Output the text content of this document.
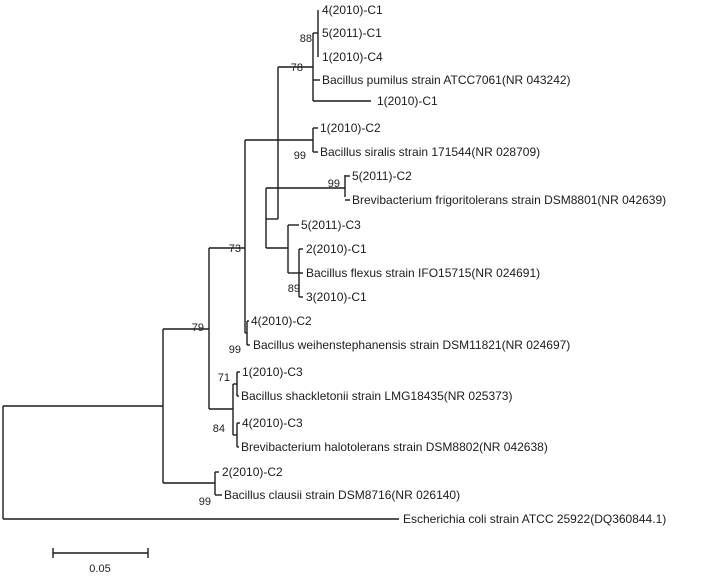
4(2010)-C1
5(2011)-C1
1(2010)-C4
Bacillus pumilus strain ATCC7061(NR 043242)
1(2010)-C1
1(2010)-C2
Bacillus siralis strain 171544(NR 028709)
5(2011)-C2
Brevibacterium frigoritolerans strain DSM8801(NR 042639)
5(2011)-C3
2(2010)-C1
Bacillus flexus strain IFO15715(NR 024691)
3(2010)-C1
4(2010)-C2
Bacillus weihenstephanensis strain DSM11821(NR 024697)
1(2010)-C3
Bacillus shackletonii strain LMG18435(NR 025373)
4(2010)-C3
Brevibacterium halotolerans strain DSM8802(NR 042638)
2(2010)-C2
Bacillus clausii strain DSM8716(NR 026140)
Escherichia coli strain ATCC 25922(DQ360844.1)
88
78
99
99
73
89
79
99
71
84
99
0.05
